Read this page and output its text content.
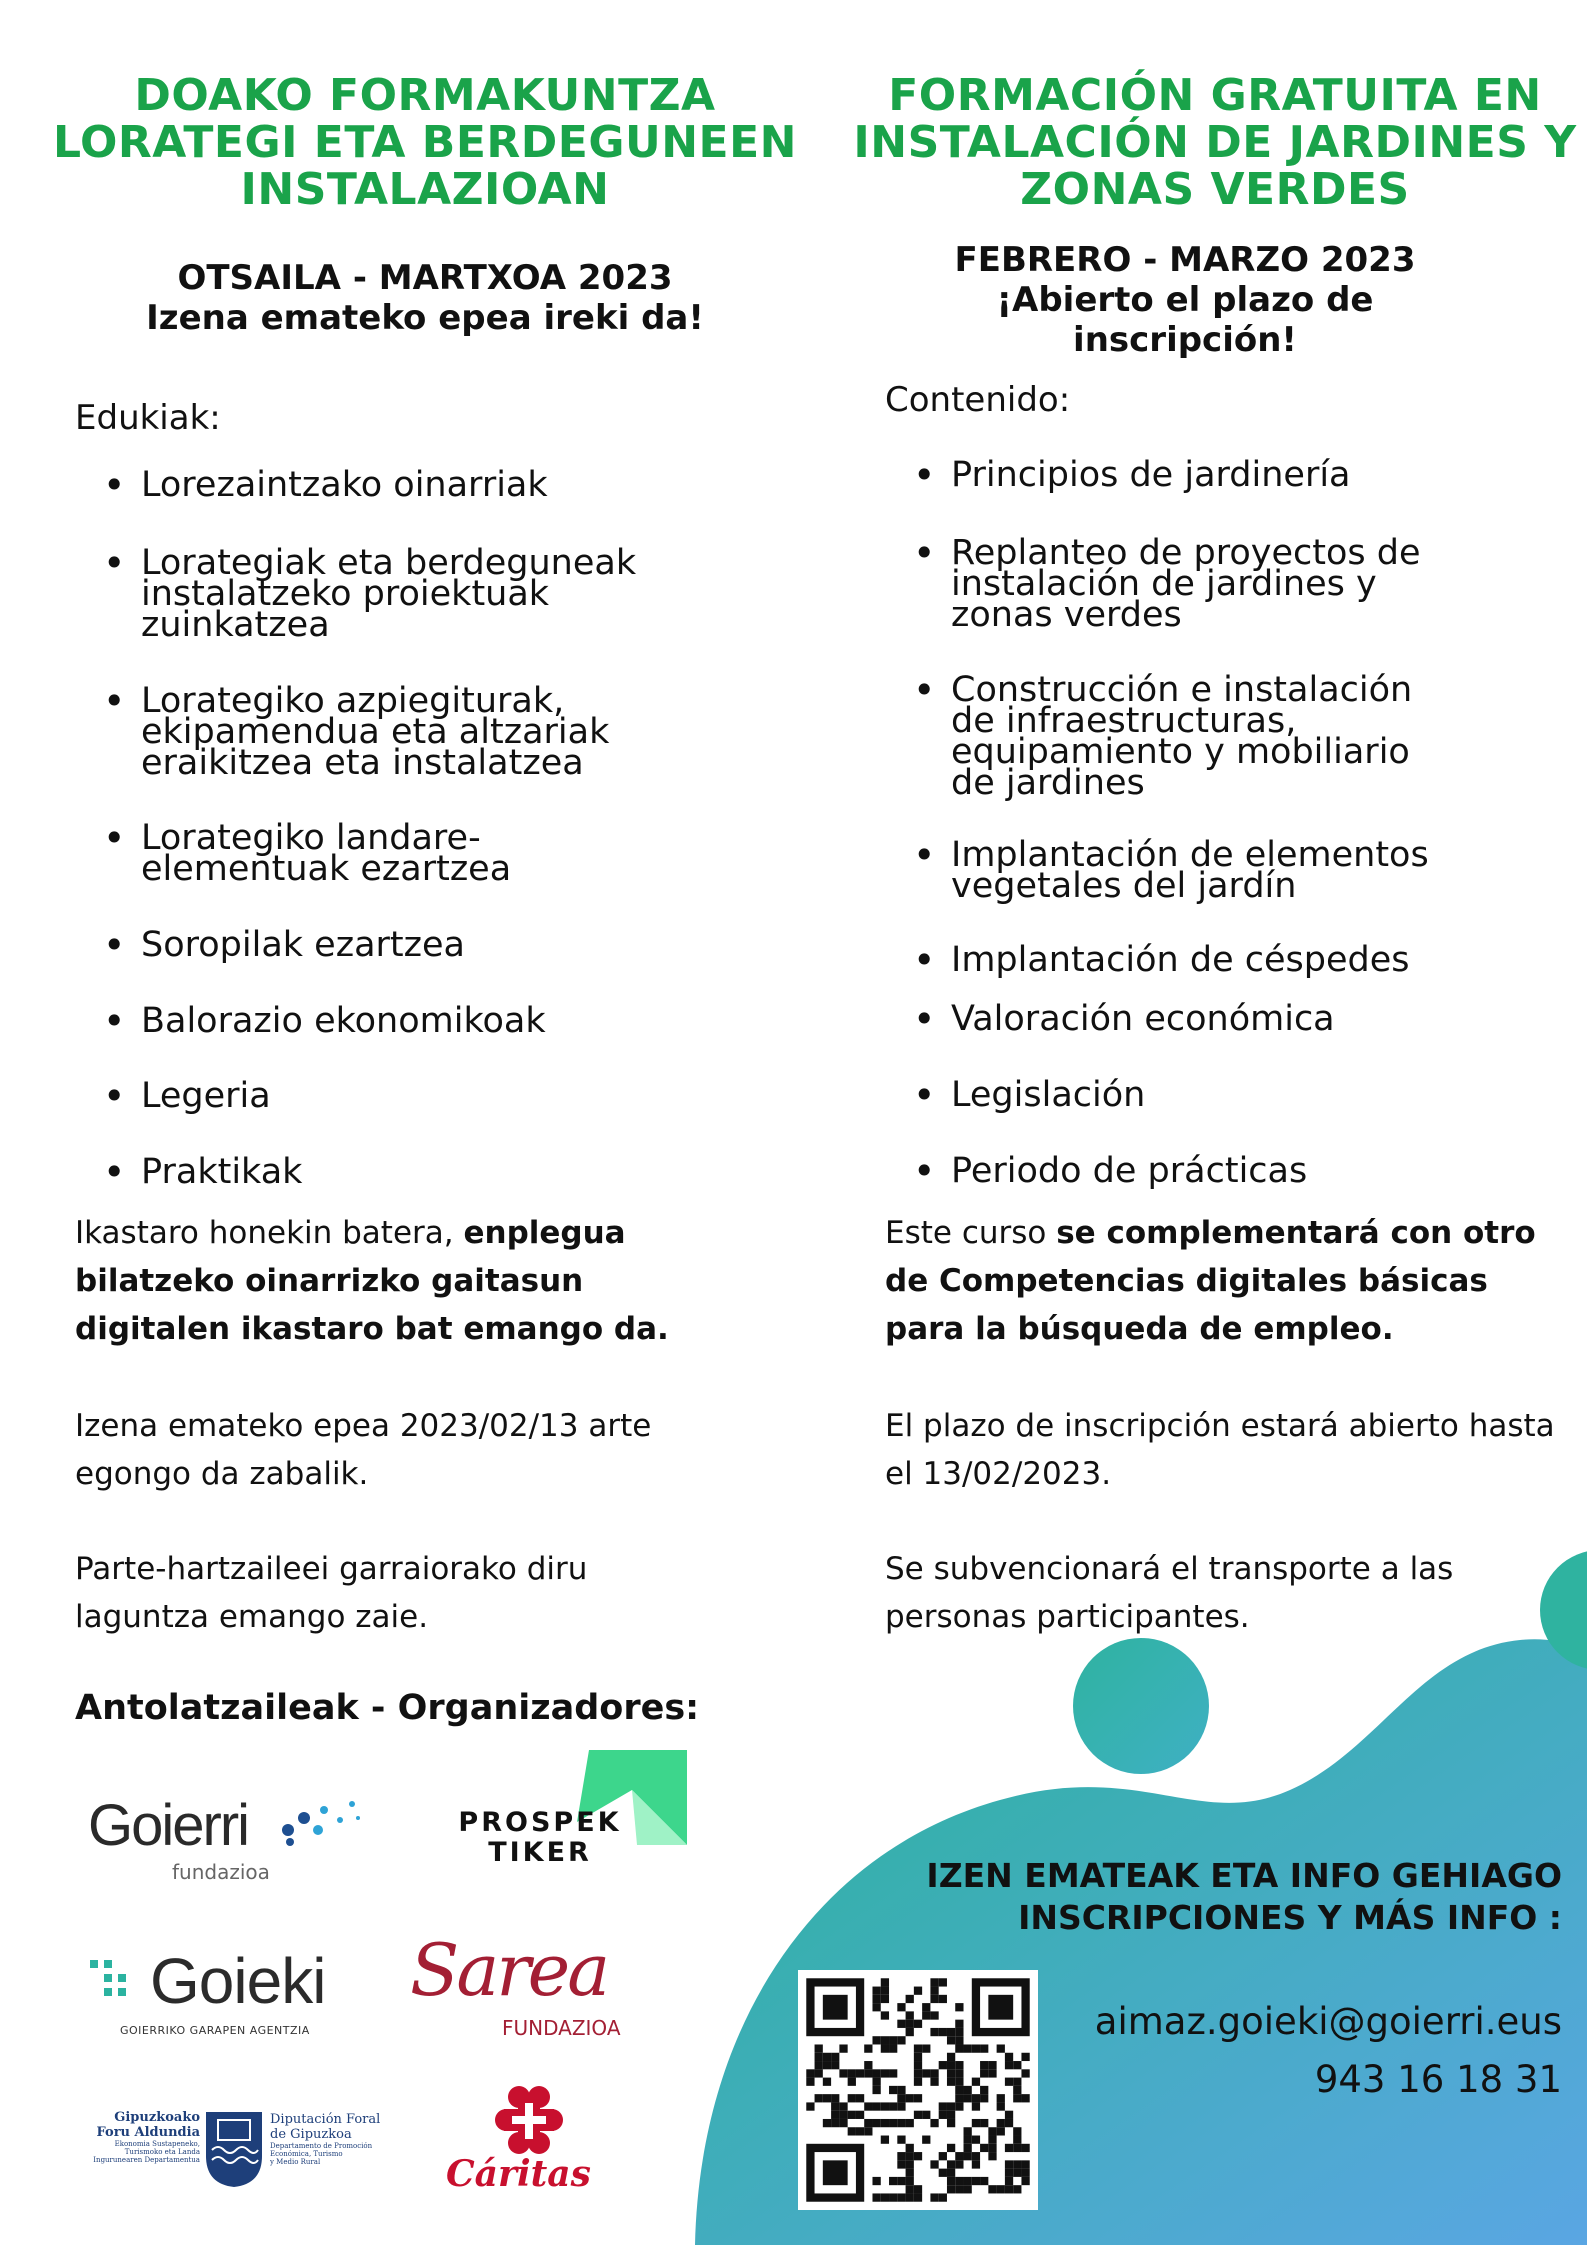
DOAKO FORMAKUNTZA
LORATEGI ETA BERDEGUNEEN
INSTALAZIOAN
OTSAILA - MARTXOA 2023
Izena emateko epea ireki da!

Edukiak:

• Lorezaintzako oinarriak
• Lorategiak eta berdeguneak
instalatzeko proiektuak
zuinkatzea
• Lorategiko azpiegiturak,
ekipamendua eta altzariak
eraikitzea eta instalatzea
• Lorategiko landare-
elementuak ezartzea
• Soropilak ezartzea
• Balorazio ekonomikoak
• Legeria
• Praktikak

Ikastaro honekin batera, enplegua bilatzeko oinarrizko gaitasun digitalen ikastaro bat emango da.

Izena emateko epea 2023/02/13 arte egongo da zabalik.

Parte-hartzaileei garraiorako diru laguntza emango zaie.

FORMACIÓN GRATUITA EN
INSTALACIÓN DE JARDINES Y
ZONAS VERDES
FEBRERO - MARZO 2023
¡Abierto el plazo de
inscripción!

Contenido:

• Principios de jardinería
• Replanteo de proyectos de
instalación de jardines y
zonas verdes
• Construcción e instalación
de infraestructuras,
equipamiento y mobiliario
de jardines
• Implantación de elementos
vegetales del jardín
• Implantación de céspedes
• Valoración económica
• Legislación
• Periodo de prácticas

Este curso se complementará con otro de Competencias digitales básicas para la búsqueda de empleo.

El plazo de inscripción estará abierto hasta el 13/02/2023.

Se subvencionará el transporte a las personas participantes.

Antolatzaileak - Organizadores:

Goierri
fundazioa
PROSPEK
TIKER
Goieki
GOIERRIKO GARAPEN AGENTZIA
Sarea
FUNDAZIOA
Gipuzkoako
Foru Aldundia
Ekonomia Sustapeneko,
Turismoko eta Landa
Ingurunearen Departamentua
Diputación Foral
de Gipuzkoa
Departamento de Promoción
Económica, Turismo
y Medio Rural	Cáritas
IZEN EMATEAK ETA INFO GEHIAGO
INSCRIPCIONES Y MÁS INFO :

aimaz.goieki@goierri.eus

943 16 18 31
